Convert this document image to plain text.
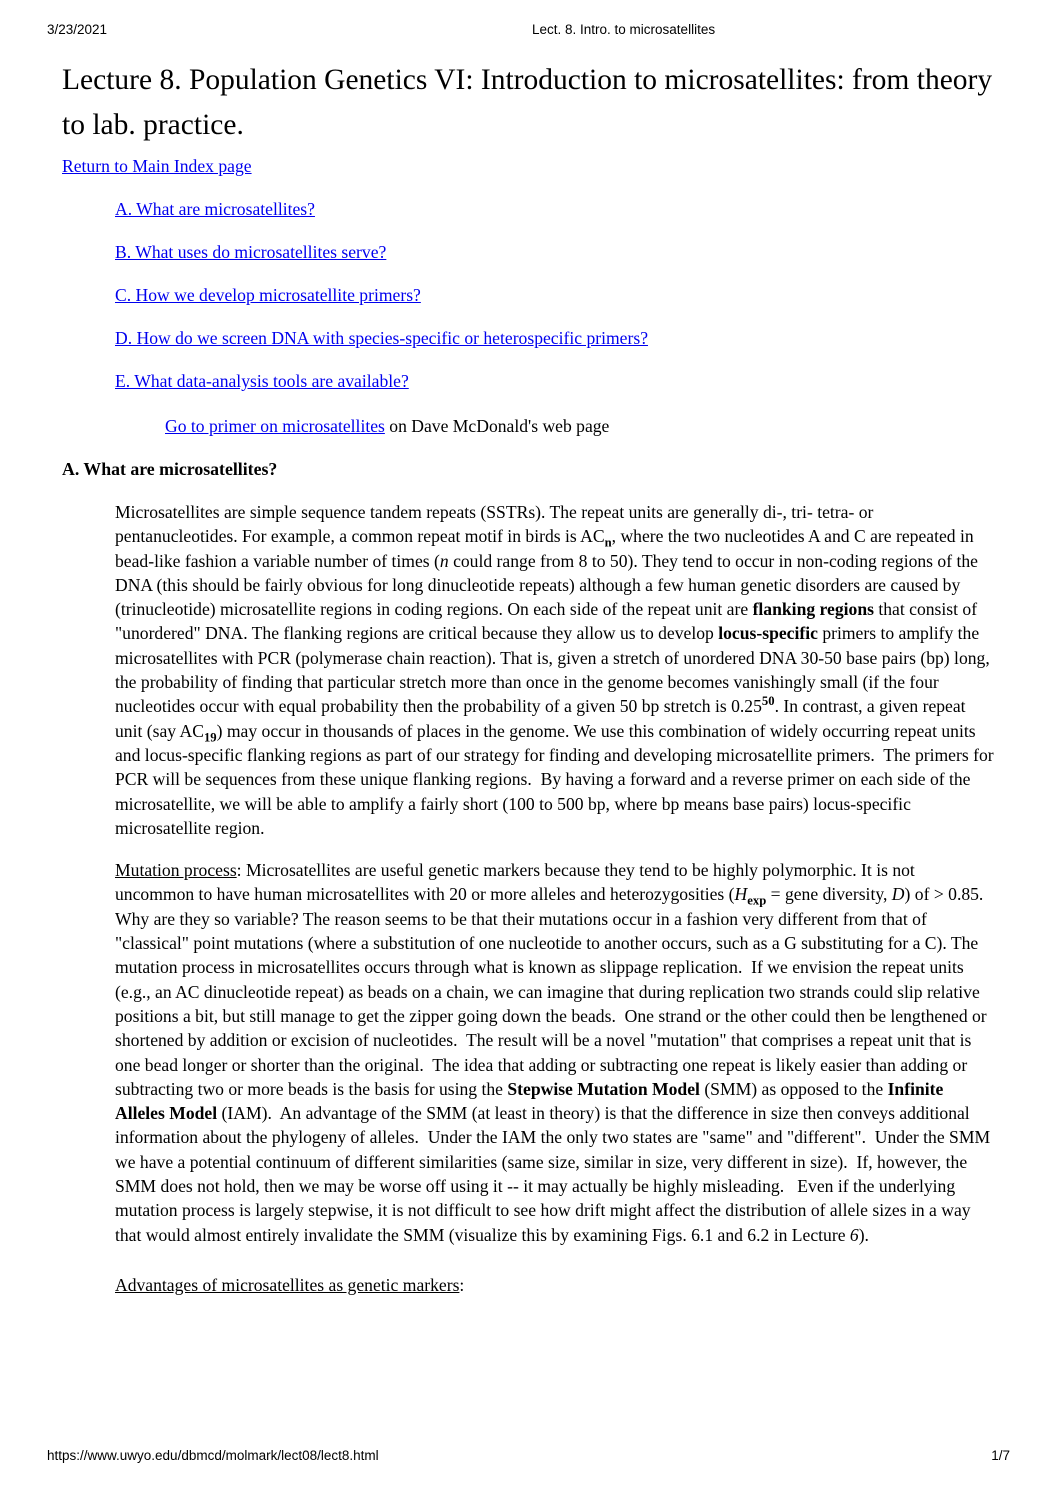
3/23/2021	Lect. 8. Intro. to microsatellites
Lecture 8. Population Genetics VI: Introduction to microsatellites: from theory to lab. practice.

Return to Main Index page

A. What are microsatellites?

B. What uses do microsatellites serve?

C. How we develop microsatellite primers?

D. How do we screen DNA with species-specific or heterospecific primers?

E. What data-analysis tools are available?

Go to primer on microsatellites on Dave McDonald's web page

A. What are microsatellites?

Microsatellites are simple sequence tandem repeats (SSTRs). The repeat units are generally di-, tri- tetra- or pentanucleotides. For example, a common repeat motif in birds is $AC_n$, where the two nucleotides A and C are repeated in bead-like fashion a variable number of times (n could range from 8 to 50). They tend to occur in non-coding regions of the DNA (this should be fairly obvious for long dinucleotide repeats) although a few human genetic disorders are caused by (trinucleotide) microsatellite regions in coding regions. On each side of the repeat unit are flanking regions that consist of "unordered" DNA. The flanking regions are critical because they allow us to develop locus-specific primers to amplify the microsatellites with PCR (polymerase chain reaction). That is, given a stretch of unordered DNA 30-50 base pairs (bp) long, the probability of finding that particular stretch more than once in the genome becomes vanishingly small (if the four nucleotides occur with equal probability then the probability of a given 50 bp stretch is 0.25$^{50}$. In contrast, a given repeat unit (say $AC_{19}$) may occur in thousands of places in the genome. We use this combination of widely occurring repeat units and locus-specific flanking regions as part of our strategy for finding and developing microsatellite primers.  The primers for PCR will be sequences from these unique flanking regions.  By having a forward and a reverse primer on each side of the microsatellite, we will be able to amplify a fairly short (100 to 500 bp, where bp means base pairs) locus-specific microsatellite region.

Mutation process: Microsatellites are useful genetic markers because they tend to be highly polymorphic. It is not uncommon to have human microsatellites with 20 or more alleles and heterozygosities ($H_{exp}$ = gene diversity, D) of > 0.85. Why are they so variable? The reason seems to be that their mutations occur in a fashion very different from that of "classical" point mutations (where a substitution of one nucleotide to another occurs, such as a G substituting for a C). The mutation process in microsatellites occurs through what is known as slippage replication.  If we envision the repeat units (e.g., an AC dinucleotide repeat) as beads on a chain, we can imagine that during replication two strands could slip relative positions a bit, but still manage to get the zipper going down the beads.  One strand or the other could then be lengthened or shortened by addition or excision of nucleotides.  The result will be a novel "mutation" that comprises a repeat unit that is one bead longer or shorter than the original.  The idea that adding or subtracting one repeat is likely easier than adding or subtracting two or more beads is the basis for using the Stepwise Mutation Model (SMM) as opposed to the Infinite Alleles Model (IAM).  An advantage of the SMM (at least in theory) is that the difference in size then conveys additional information about the phylogeny of alleles.  Under the IAM the only two states are "same" and "different".  Under the SMM we have a potential continuum of different similarities (same size, similar in size, very different in size).  If, however, the SMM does not hold, then we may be worse off using it -- it may actually be highly misleading.   Even if the underlying mutation process is largely stepwise, it is not difficult to see how drift might affect the distribution of allele sizes in a way that would almost entirely invalidate the SMM (visualize this by examining Figs. 6.1 and 6.2 in Lecture 6).

Advantages of microsatellites as genetic markers:

https://www.uwyo.edu/dbmcd/molmark/lect08/lect8.html	1/7
